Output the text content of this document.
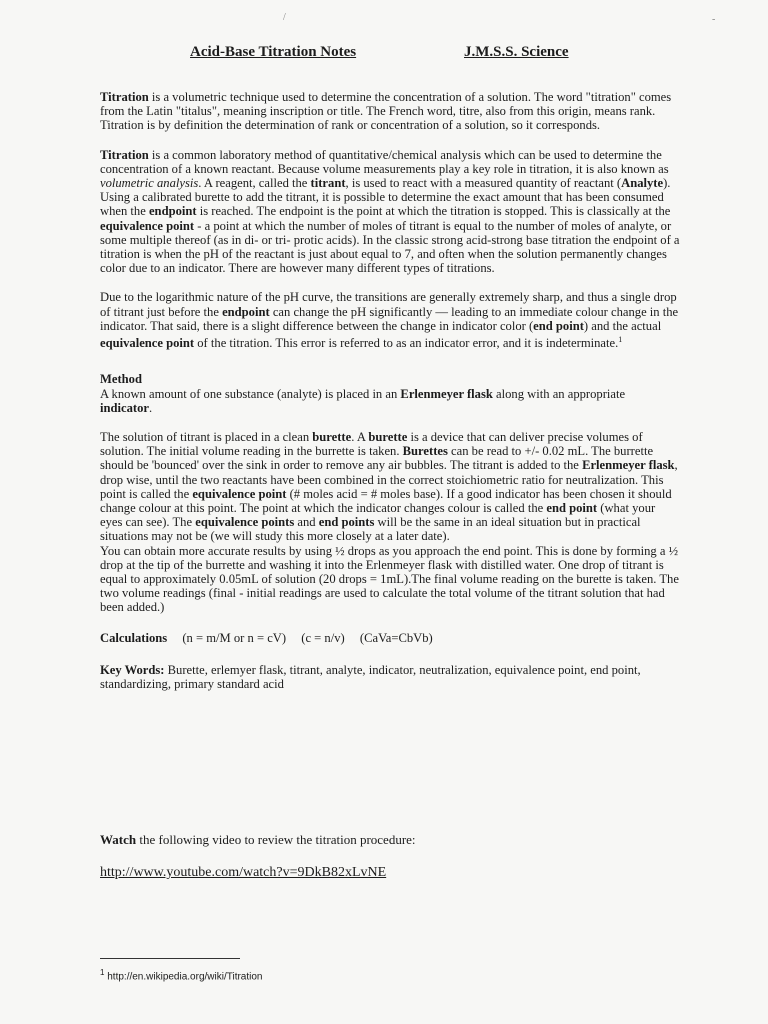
Acid-Base Titration Notes	J.M.S.S. Science

Titration is a volumetric technique used to determine the concentration of a solution. The word "titration" comes from the Latin "titalus", meaning inscription or title. The French word, titre, also from this origin, means rank. Titration is by definition the determination of rank or concentration of a solution, so it corresponds.

Titration is a common laboratory method of quantitative/chemical analysis which can be used to determine the concentration of a known reactant. Because volume measurements play a key role in titration, it is also known as volumetric analysis. A reagent, called the titrant, is used to react with a measured quantity of reactant (Analyte). Using a calibrated burette to add the titrant, it is possible to determine the exact amount that has been consumed when the endpoint is reached. The endpoint is the point at which the titration is stopped. This is classically at the equivalence point - a point at which the number of moles of titrant is equal to the number of moles of analyte, or some multiple thereof (as in di- or tri- protic acids). In the classic strong acid-strong base titration the endpoint of a titration is when the pH of the reactant is just about equal to 7, and often when the solution permanently changes color due to an indicator. There are however many different types of titrations.

Due to the logarithmic nature of the pH curve, the transitions are generally extremely sharp, and thus a single drop of titrant just before the endpoint can change the pH significantly — leading to an immediate colour change in the indicator. That said, there is a slight difference between the change in indicator color (end point) and the actual equivalence point of the titration. This error is referred to as an indicator error, and it is indeterminate.$^1$

Method

A known amount of one substance (analyte) is placed in an Erlenmeyer flask along with an appropriate indicator.

The solution of titrant is placed in a clean burette. A burette is a device that can deliver precise volumes of solution. The initial volume reading in the burrette is taken. Burettes can be read to +/- 0.02 mL. The burrette should be 'bounced' over the sink in order to remove any air bubbles. The titrant is added to the Erlenmeyer flask, drop wise, until the two reactants have been combined in the correct stoichiometric ratio for neutralization. This point is called the equivalence point (# moles acid = # moles base). If a good indicator has been chosen it should change colour at this point. The point at which the indicator changes colour is called the end point (what your eyes can see). The equivalence points and end points will be the same in an ideal situation but in practical situations may not be (we will study this more closely at a later date).

You can obtain more accurate results by using ½ drops as you approach the end point. This is done by forming a ½ drop at the tip of the burrette and washing it into the Erlenmeyer flask with distilled water. One drop of titrant is equal to approximately 0.05mL of solution (20 drops = 1mL).The final volume reading on the burette is taken. The two volume readings (final - initial readings are used to calculate the total volume of the titrant solution that had been added.)

Calculations (n = m/M or n = cV) (c = n/v) (CaVa=CbVb)

Key Words: Burette, erlemyer flask, titrant, analyte, indicator, neutralization, equivalence point, end point, standardizing, primary standard acid

Watch the following video to review the titration procedure:
http://www.youtube.com/watch?v=9DkB82xLvNE
$^1$ http://en.wikipedia.org/wiki/Titration
/	-
